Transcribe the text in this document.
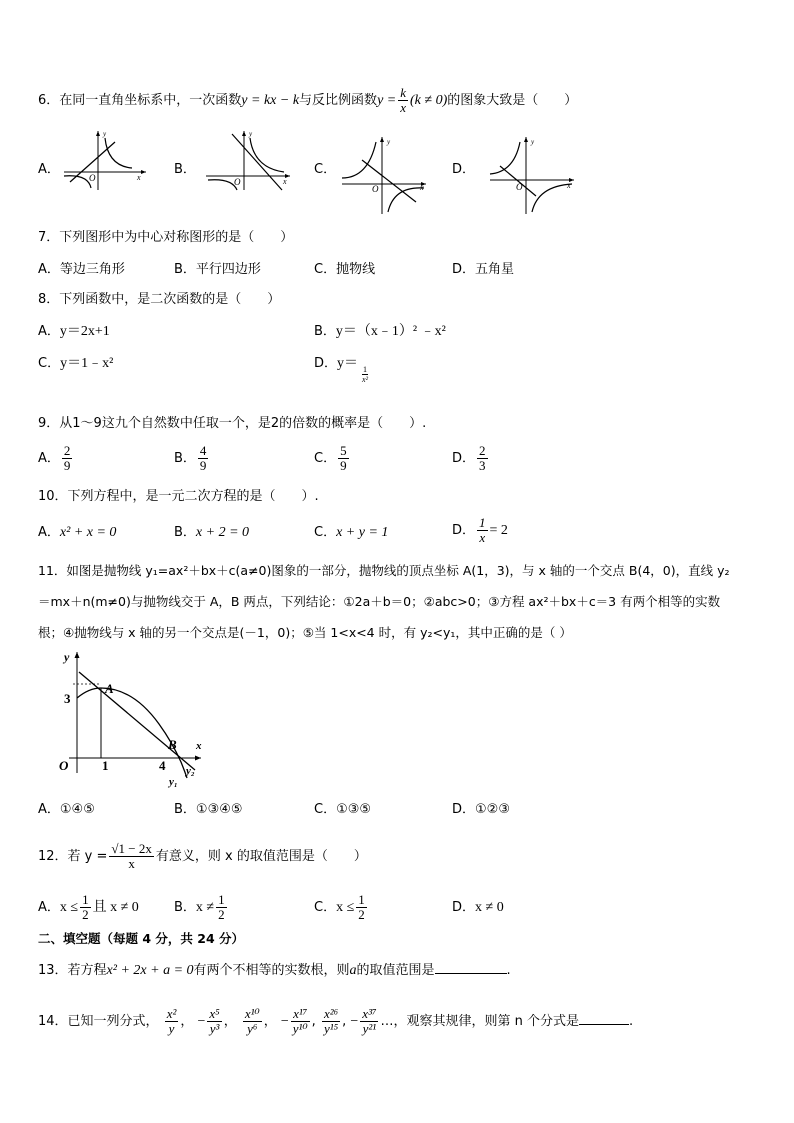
6．在同一直角坐标系中，一次函数y = kx − k与反比例函数$y = \frac{k}{x} (k \ne 0)$的图象大致是（　　）
A．
y
x
O
B．
y
x
O
C．
y
x
O
D．
y
x
O
7．下列图形中为中心对称图形的是（　　）
A．等边三角形	B．平行四边形	C．抛物线	D．五角星
8．下列函数中，是二次函数的是（　　）
A．y＝2x+1	B．y＝（x﹣1）² ﹣x²
C．y＝1﹣x²	D．y＝ 1
x²
9．从1～9这九个自然数中任取一个，是2的倍数的概率是（　　）.
A． $\frac{2}{9}$	B． $\frac{4}{9}$	C． $\frac{5}{9}$	D． $\frac{2}{3}$
10．下列方程中，是一元二次方程的是（　　）.
A．x² + x = 0	B．x + 2 = 0	C．x + y = 1	D． $\frac{1}{x} = 2$
11．如图是抛物线 y₁=ax²＋bx＋c(a≠0)图象的一部分，抛物线的顶点坐标 A(1，3)，与 x 轴的一个交点 B(4，0)，直线 y₂
＝mx＋n(m≠0)与抛物线交于 A，B 两点，下列结论：①2a＋b＝0；②abc>0；③方程 ax²＋bx＋c＝3 有两个相等的实数
根；④抛物线与 x 轴的另一个交点是(－1，0)；⑤当 1<x<4 时，有 y₂<y₁，其中正确的是（ ）
y
x
O
3
1	4
A
B
y₁
y₂
A．①④⑤	B．①③④⑤	C．①③⑤	D．①②③
12．若 $y = \frac{√1 - 2x}{x}$ 有意义，则 x 的取值范围是（　　）
A．$x \le \frac{1}{2}$ 且 x ≠ 0	B．$x \ne \frac{1}{2}$	C．$x \le \frac{1}{2}$	D．x ≠ 0
二、填空题（每题 4 分，共 24 分）
13．若方程x² + 2x + a = 0有两个不相等的实数根，则a的取值范围是	.
14．已知一列分式， $\frac{\text{x²}}{y}$ ， − $\frac{\text{x⁵}}{\text{y³}}$ ， $\frac{\text{x¹⁰}}{\text{y⁶}}$ ， − $\frac{\text{x¹⁷}}{\text{y¹⁰}}$ , $\frac{\text{x²⁶}}{\text{y¹⁵}}$ , − $\frac{\text{x³⁷}}{\text{y²¹}}$ …，观察其规律，则第 n 个分式是	.
